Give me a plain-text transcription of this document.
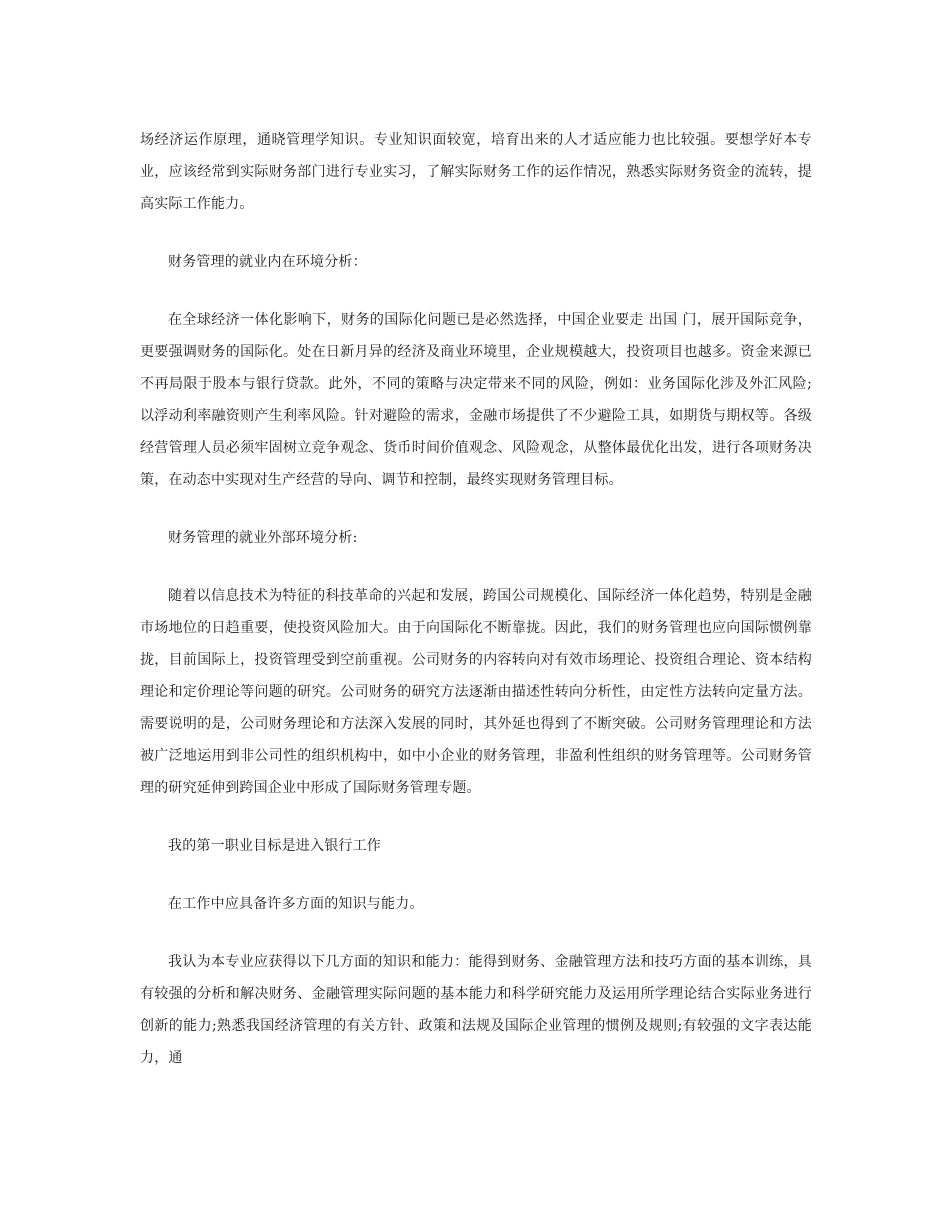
场经济运作原理，通晓管理学知识。专业知识面较宽，培育出来的人才适应能力也比较强。要想学好本专业，应该经常到实际财务部门进行专业实习，了解实际财务工作的运作情况，熟悉实际财务资金的流转，提高实际工作能力。

财务管理的就业内在环境分析：

在全球经济一体化影响下，财务的国际化问题已是必然选择，中国企业要走 出国 门，展开国际竞争，更要强调财务的国际化。处在日新月异的经济及商业环境里，企业规模越大，投资项目也越多。资金来源已不再局限于股本与银行贷款。此外，不同的策略与决定带来不同的风险，例如：业务国际化涉及外汇风险;以浮动利率融资则产生利率风险。针对避险的需求，金融市场提供了不少避险工具，如期货与期权等。各级经营管理人员必须牢固树立竞争观念、货币时间价值观念、风险观念，从整体最优化出发，进行各项财务决策，在动态中实现对生产经营的导向、调节和控制，最终实现财务管理目标。

财务管理的就业外部环境分析:

随着以信息技术为特征的科技革命的兴起和发展，跨国公司规模化、国际经济一体化趋势，特别是金融市场地位的日趋重要，使投资风险加大。由于向国际化不断靠拢。因此，我们的财务管理也应向国际惯例靠拢，目前国际上，投资管理受到空前重视。公司财务的内容转向对有效市场理论、投资组合理论、资本结构理论和定价理论等问题的研究。公司财务的研究方法逐渐由描述性转向分析性，由定性方法转向定量方法。需要说明的是，公司财务理论和方法深入发展的同时，其外延也得到了不断突破。公司财务管理理论和方法被广泛地运用到非公司性的组织机构中，如中小企业的财务管理，非盈利性组织的财务管理等。公司财务管理的研究延伸到跨国企业中形成了国际财务管理专题。

我的第一职业目标是进入银行工作

在工作中应具备许多方面的知识与能力。

我认为本专业应获得以下几方面的知识和能力：能得到财务、金融管理方法和技巧方面的基本训练，具有较强的分析和解决财务、金融管理实际问题的基本能力和科学研究能力及运用所学理论结合实际业务进行创新的能力;熟悉我国经济管理的有关方针、政策和法规及国际企业管理的惯例及规则;有较强的文字表达能力，通
